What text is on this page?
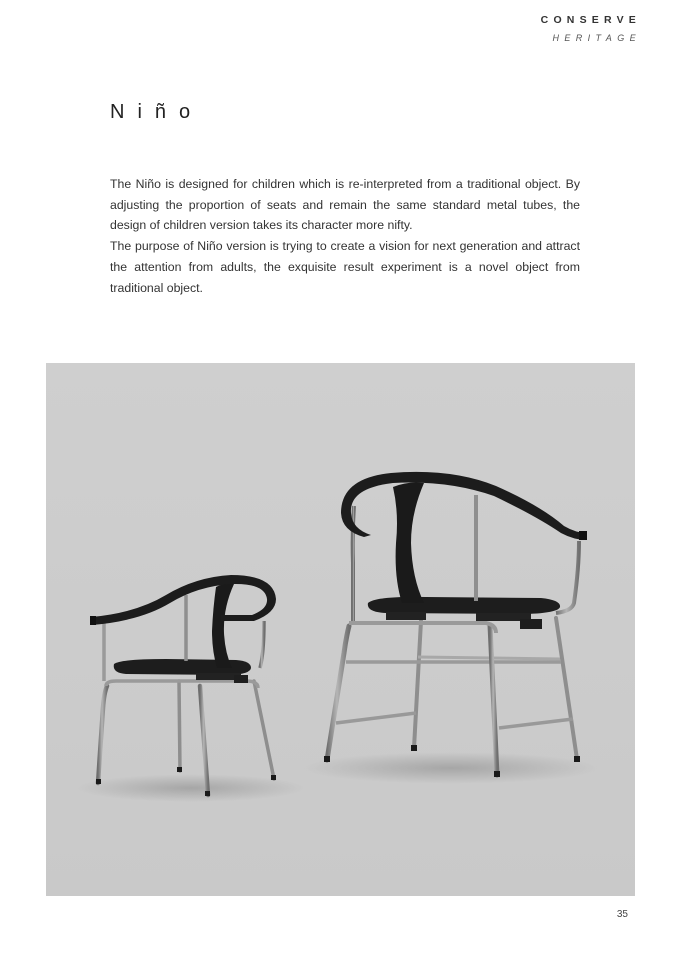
CONSERVE
HERITAGE
Niño

The Niño is designed for children which is re-interpreted from a traditional object. By adjusting the proportion of seats and remain the same standard metal tubes, the design of children version takes its character more nifty.

The purpose of Niño version is trying to create a vision for next generation and attract the attention from adults, the exquisite result experiment is a novel object from traditional object.

35
